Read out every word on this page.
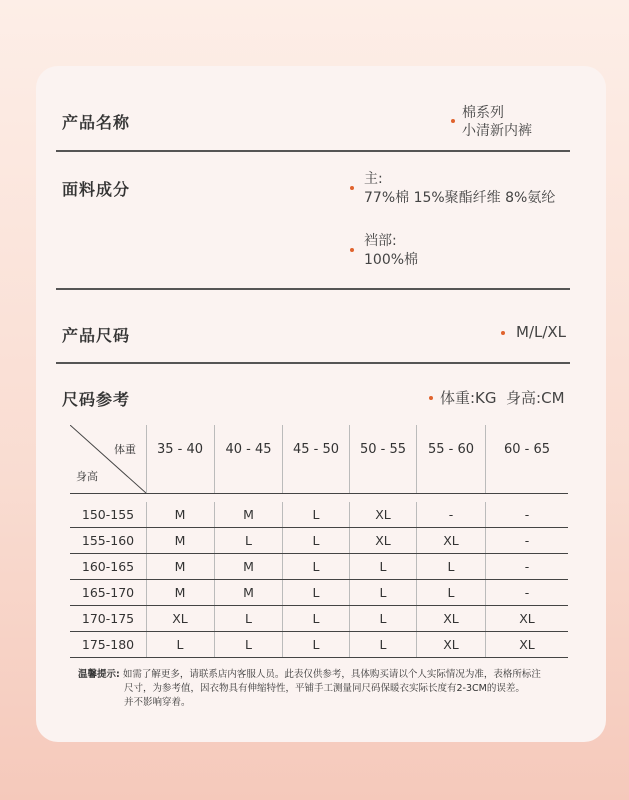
产品名称	棉系列
小清新内裤
面料成分
主:
77%棉 15%聚酯纤维 8%氨纶
裆部:
100%棉
产品尺码	M/L/XL
尺码参考	体重:KG  身高:CM
体重
身高
35 - 40	40 - 45	45 - 50	50 - 55	55 - 60	60 - 65
150-155	M	M	L	XL	-	-
155-160	M	L	L	XL	XL	-
160-165	M	M	L	L	L	-
165-170	M	M	L	L	L	-
170-175	XL	L	L	L	XL	XL
175-180	L	L	L	L	XL	XL
温馨提示: 如需了解更多，请联系店内客服人员。此表仅供参考，具体购买请以个人实际情况为准，表格所标注
尺寸，为参考值，因衣物具有伸缩特性，平铺手工测量同尺码保暖衣实际长度有2-3CM的误差。
并不影响穿着。
